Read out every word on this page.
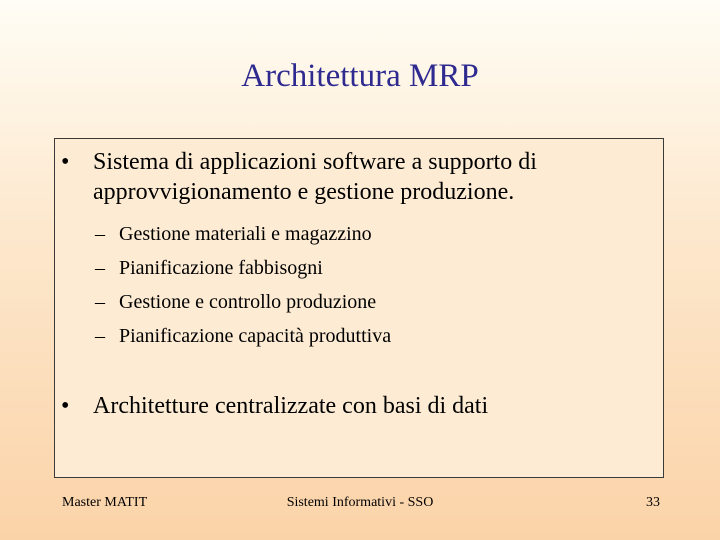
Architettura MRP
• Sistema di applicazioni software a supporto di approvvigionamento e gestione produzione.
– Gestione materiali e magazzino
– Pianificazione fabbisogni
– Gestione e controllo produzione
– Pianificazione capacità produttiva
• Architetture centralizzate con basi di dati
Master MATIT	Sistemi Informativi - SSO	33
